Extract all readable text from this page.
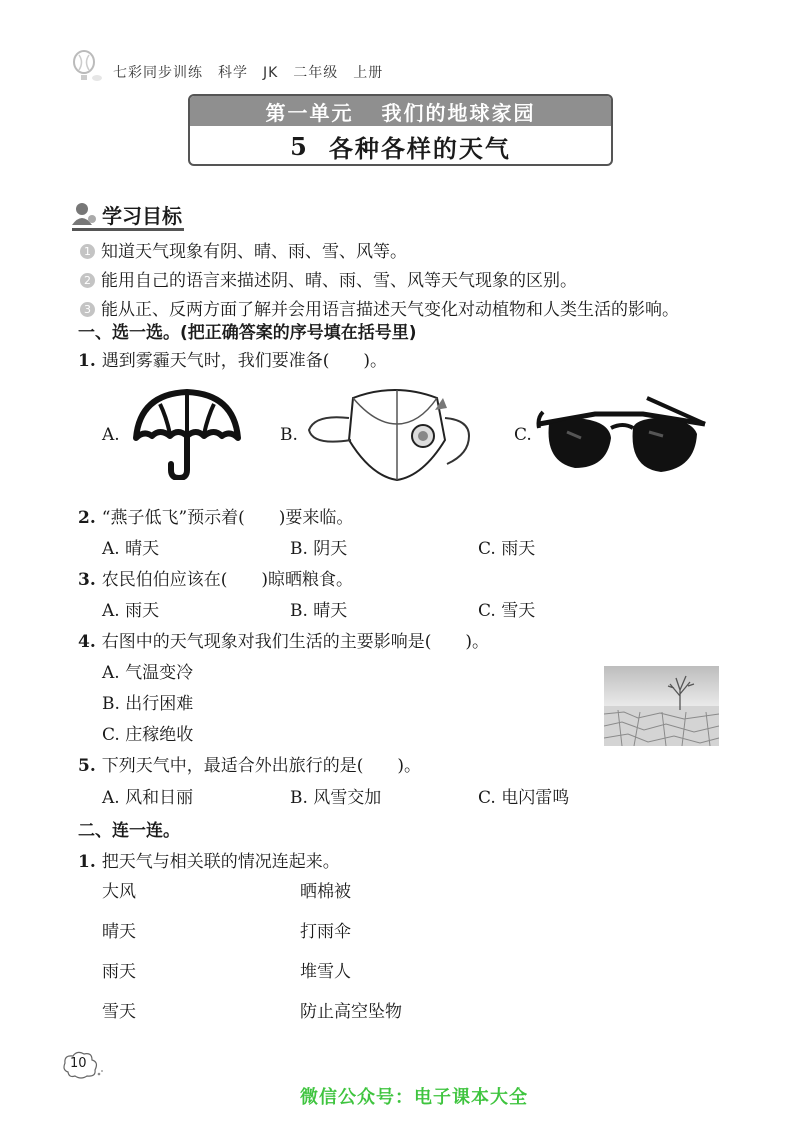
七彩同步训练　科学　JK　二年级　上册
第一单元 我们的地球家园
5 各种各样的天气
学习目标
1 知道天气现象有阴、晴、雨、雪、风等。
2 能用自己的语言来描述阴、晴、雨、雪、风等天气现象的区别。
3 能从正、反两方面了解并会用语言描述天气变化对动植物和人类生活的影响。
一、选一选。(把正确答案的序号填在括号里)
1. 遇到雾霾天气时，我们要准备(　　)。
A.	B.	C.
2. “燕子低飞”预示着(　　)要来临。
A. 晴天	B. 阴天	C. 雨天
3. 农民伯伯应该在(　　)晾晒粮食。
A. 雨天	B. 晴天	C. 雪天
4. 右图中的天气现象对我们生活的主要影响是(　　)。
A. 气温变冷
B. 出行困难
C. 庄稼绝收
5. 下列天气中，最适合外出旅行的是(　　)。
A. 风和日丽	B. 风雪交加	C. 电闪雷鸣
二、连一连。
1. 把天气与相关联的情况连起来。
大风
晴天
雨天
雪天
晒棉被
打雨伞
堆雪人
防止高空坠物
10
微信公众号：电子课本大全
